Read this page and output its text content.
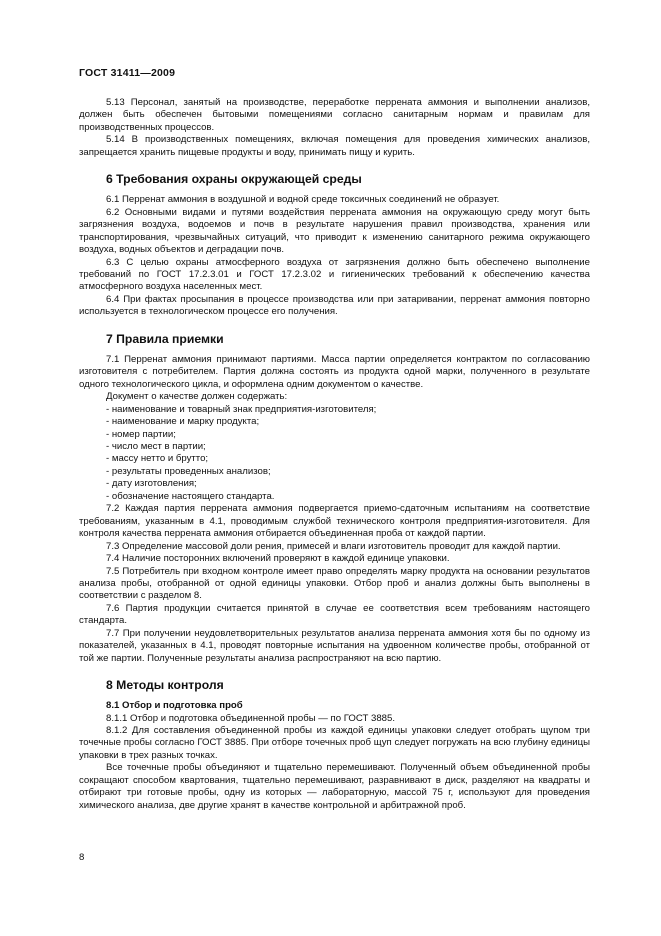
ГОСТ 31411—2009

5.13 Персонал, занятый на производстве, переработке перрената аммония и выполнении анализов, должен быть обеспечен бытовыми помещениями согласно санитарным нормам и правилам для производственных процессов.

5.14 В производственных помещениях, включая помещения для проведения химических анализов, запрещается хранить пищевые продукты и воду, принимать пищу и курить.

6 Требования охраны окружающей среды

6.1 Перренат аммония в воздушной и водной среде токсичных соединений не образует.

6.2 Основными видами и путями воздействия перрената аммония на окружающую среду могут быть загрязнения воздуха, водоемов и почв в результате нарушения правил производства, хранения или транспортирования, чрезвычайных ситуаций, что приводит к изменению санитарного режима окружающего воздуха, водных объектов и деградации почв.

6.3 С целью охраны атмосферного воздуха от загрязнения должно быть обеспечено выполнение требований по ГОСТ 17.2.3.01 и ГОСТ 17.2.3.02 и гигиенических требований к обеспечению качества атмосферного воздуха населенных мест.

6.4 При фактах просыпания в процессе производства или при затаривании, перренат аммония повторно используется в технологическом процессе его получения.

7 Правила приемки

7.1 Перренат аммония принимают партиями. Масса партии определяется контрактом по согласованию изготовителя с потребителем. Партия должна состоять из продукта одной марки, полученного в результате одного технологического цикла, и оформлена одним документом о качестве.

Документ о качестве должен содержать:

- наименование и товарный знак предприятия-изготовителя;
- наименование и марку продукта;
- номер партии;
- число мест в партии;
- массу нетто и брутто;
- результаты проведенных анализов;
- дату изготовления;
- обозначение настоящего стандарта.

7.2 Каждая партия перрената аммония подвергается приемо-сдаточным испытаниям на соответствие требованиям, указанным в 4.1, проводимым службой технического контроля предприятия-изготовителя. Для контроля качества перрената аммония отбирается объединенная проба от каждой партии.

7.3 Определение массовой доли рения, примесей и влаги изготовитель проводит для каждой партии.

7.4 Наличие посторонних включений проверяют в каждой единице упаковки.

7.5 Потребитель при входном контроле имеет право определять марку продукта на основании результатов анализа пробы, отобранной от одной единицы упаковки. Отбор проб и анализ должны быть выполнены в соответствии с разделом 8.

7.6 Партия продукции считается принятой в случае ее соответствия всем требованиям настоящего стандарта.

7.7 При получении неудовлетворительных результатов анализа перрената аммония хотя бы по одному из показателей, указанных в 4.1, проводят повторные испытания на удвоенном количестве пробы, отобранной от той же партии. Полученные результаты анализа распространяют на всю партию.

8 Методы контроля
8.1 Отбор и подготовка проб

8.1.1 Отбор и подготовка объединенной пробы — по ГОСТ 3885.

8.1.2 Для составления объединенной пробы из каждой единицы упаковки следует отобрать щупом три точечные пробы согласно ГОСТ 3885. При отборе точечных проб щуп следует погружать на всю глубину единицы упаковки в трех разных точках.

Все точечные пробы объединяют и тщательно перемешивают. Полученный объем объединенной пробы сокращают способом квартования, тщательно перемешивают, разравнивают в диск, разделяют на квадраты и отбирают три готовые пробы, одну из которых — лабораторную, массой 75 г, используют для проведения химического анализа, две другие хранят в качестве контрольной и арбитражной проб.

8
